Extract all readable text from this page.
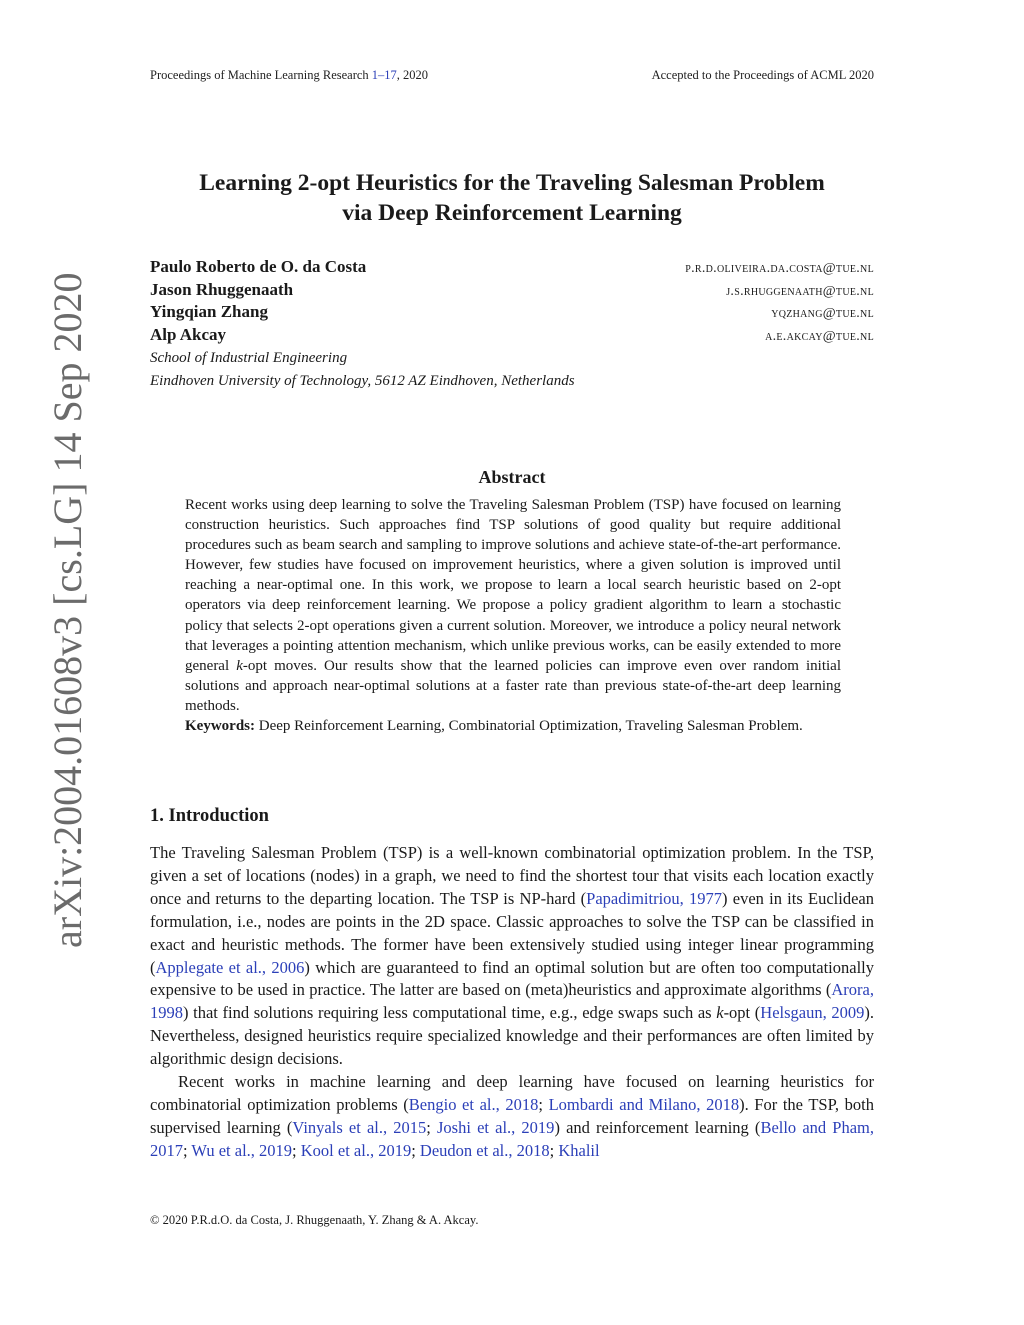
Proceedings of Machine Learning Research 1–17, 2020	Accepted to the Proceedings of ACML 2020
arXiv:2004.01608v3 [cs.LG] 14 Sep 2020
Learning 2-opt Heuristics for the Traveling Salesman Problem
via Deep Reinforcement Learning
Paulo Roberto de O. da Costa	p.r.d.oliveira.da.costa@tue.nl
Jason Rhuggenaath	j.s.rhuggenaath@tue.nl
Yingqian Zhang	yqzhang@tue.nl
Alp Akcay	a.e.akcay@tue.nl
School of Industrial Engineering
Eindhoven University of Technology, 5612 AZ Eindhoven, Netherlands
Abstract

Recent works using deep learning to solve the Traveling Salesman Problem (TSP) have focused on learning construction heuristics. Such approaches find TSP solutions of good quality but require additional procedures such as beam search and sampling to improve solutions and achieve state-of-the-art performance. However, few studies have focused on improvement heuristics, where a given solution is improved until reaching a near-optimal one. In this work, we propose to learn a local search heuristic based on 2-opt operators via deep reinforcement learning. We propose a policy gradient algorithm to learn a stochastic policy that selects 2-opt operations given a current solution. Moreover, we introduce a policy neural network that leverages a pointing attention mechanism, which unlike previous works, can be easily extended to more general k-opt moves. Our results show that the learned policies can improve even over random initial solutions and approach near-optimal solutions at a faster rate than previous state-of-the-art deep learning methods.

Keywords: Deep Reinforcement Learning, Combinatorial Optimization, Traveling Salesman Problem.

1. Introduction

The Traveling Salesman Problem (TSP) is a well-known combinatorial optimization problem. In the TSP, given a set of locations (nodes) in a graph, we need to find the shortest tour that visits each location exactly once and returns to the departing location. The TSP is NP-hard (Papadimitriou, 1977) even in its Euclidean formulation, i.e., nodes are points in the 2D space. Classic approaches to solve the TSP can be classified in exact and heuristic methods. The former have been extensively studied using integer linear programming (Applegate et al., 2006) which are guaranteed to find an optimal solution but are often too computationally expensive to be used in practice. The latter are based on (meta)heuristics and approximate algorithms (Arora, 1998) that find solutions requiring less computational time, e.g., edge swaps such as k-opt (Helsgaun, 2009). Nevertheless, designed heuristics require specialized knowledge and their performances are often limited by algorithmic design decisions.

Recent works in machine learning and deep learning have focused on learning heuristics for combinatorial optimization problems (Bengio et al., 2018; Lombardi and Milano, 2018). For the TSP, both supervised learning (Vinyals et al., 2015; Joshi et al., 2019) and reinforcement learning (Bello and Pham, 2017; Wu et al., 2019; Kool et al., 2019; Deudon et al., 2018; Khalil

© 2020 P.R.d.O. da Costa, J. Rhuggenaath, Y. Zhang & A. Akcay.
